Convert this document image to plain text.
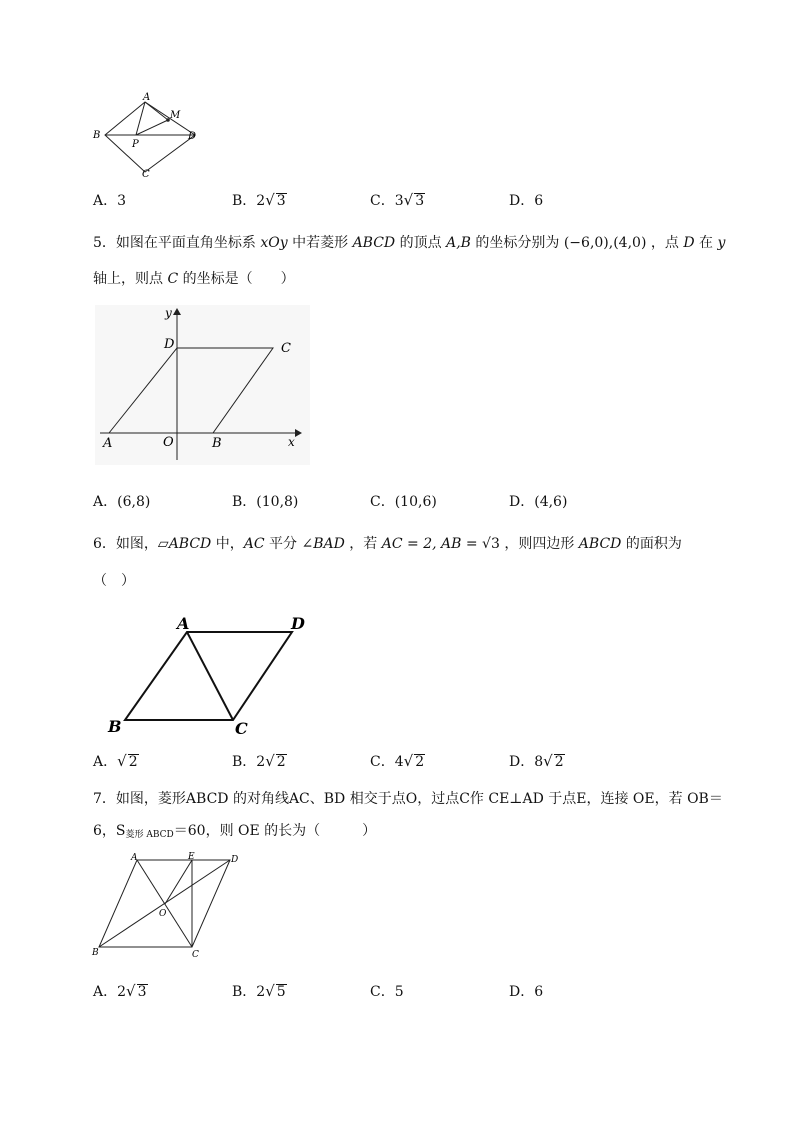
A
B
M
P
D
C
A．3	B．2√ 3	C．3√ 3	D．6
5．如图在平面直角坐标系 xOy 中若菱形 ABCD 的顶点 A,B 的坐标分别为 (−6,0),(4,0) ，点 D 在 y
轴上，则点 C 的坐标是（　　）
y
D	C
A	O	B	x
A．(6,8)	B．(10,8)	C．(10,6)	D．(4,6)
6．如图，▱ABCD 中，AC 平分 ∠BAD ，若 AC = 2, AB = √3 ，则四边形 ABCD 的面积为
（　）
A	D
B	C
A．√ 2	B．2√ 2	C．4√ 2	D．8√ 2
7．如图，菱形ABCD 的对角线AC、BD 相交于点O，过点C作 CE⊥AD 于点E，连接 OE，若 OB＝
6，S菱形 ABCD＝60，则 OE 的长为（　　　）
A	E	D
O
B	C
A．2√ 3	B．2√ 5	C．5	D．6
